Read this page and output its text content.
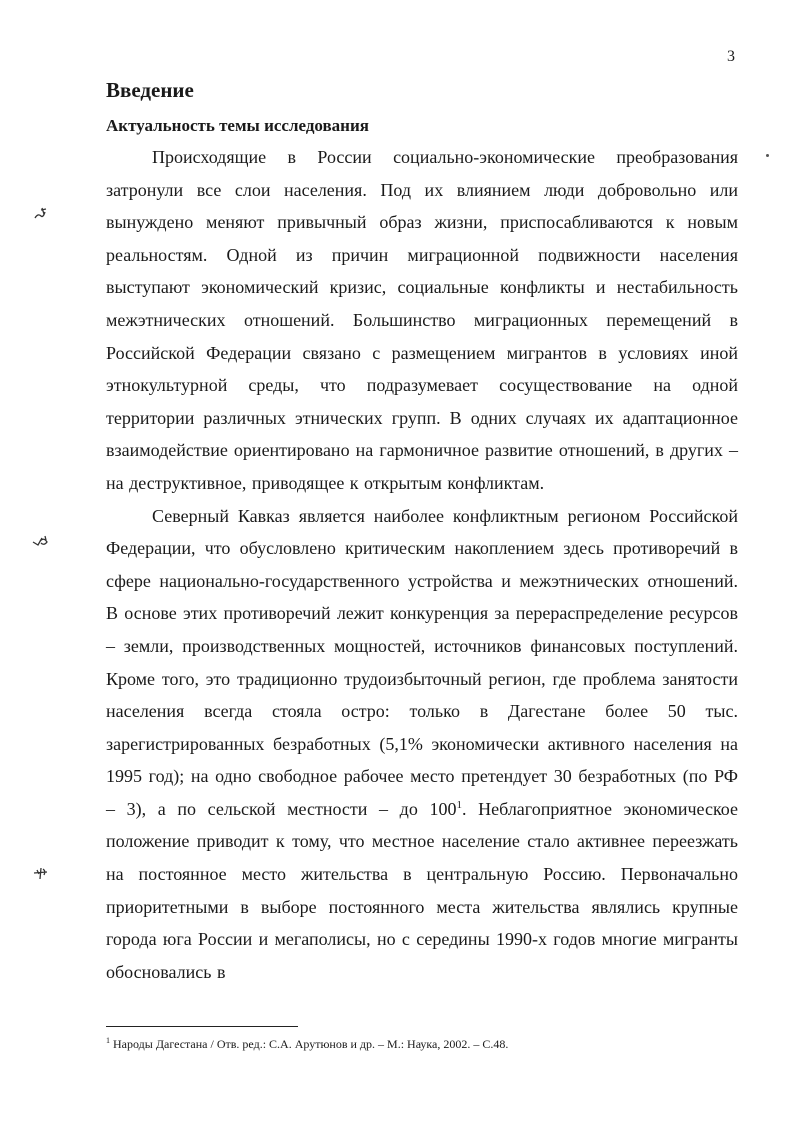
3
Введение
Актуальность темы исследования

Происходящие в России социально-экономические преобразования затронули все слои населения. Под их влиянием люди добровольно или вынуждено меняют привычный образ жизни, приспосабливаются к новым реальностям. Одной из причин миграционной подвижности населения выступают экономический кризис, социальные конфликты и нестабильность межэтнических отношений. Большинство миграционных перемещений в Российской Федерации связано с размещением мигрантов в условиях иной этнокультурной среды, что подразумевает сосуществование на одной территории различных этнических групп. В одних случаях их адаптационное взаимодействие ориентировано на гармоничное развитие отношений, в других – на деструктивное, приводящее к открытым конфликтам.

Северный Кавказ является наиболее конфликтным регионом Российской Федерации, что обусловлено критическим накоплением здесь противоречий в сфере национально-государственного устройства и межэтнических отношений. В основе этих противоречий лежит конкуренция за перераспределение ресурсов – земли, производственных мощностей, источников финансовых поступлений. Кроме того, это традиционно трудоизбыточный регион, где проблема занятости населения всегда стояла остро: только в Дагестане более 50 тыс. зарегистрированных безработных (5,1% экономически активного населения на 1995 год); на одно свободное рабочее место претендует 30 безработных (по РФ – 3), а по сельской местности – до 100$^1$. Неблагоприятное экономическое положение приводит к тому, что местное население стало активнее переезжать на постоянное место жительства в центральную Россию. Первоначально приоритетными в выборе постоянного места жительства являлись крупные города юга России и мегаполисы, но с середины 1990-х годов многие мигранты обосновались в

$^1$ Народы Дагестана / Отв. ред.: С.А. Арутюнов и др. – М.: Наука, 2002. – С.48.
